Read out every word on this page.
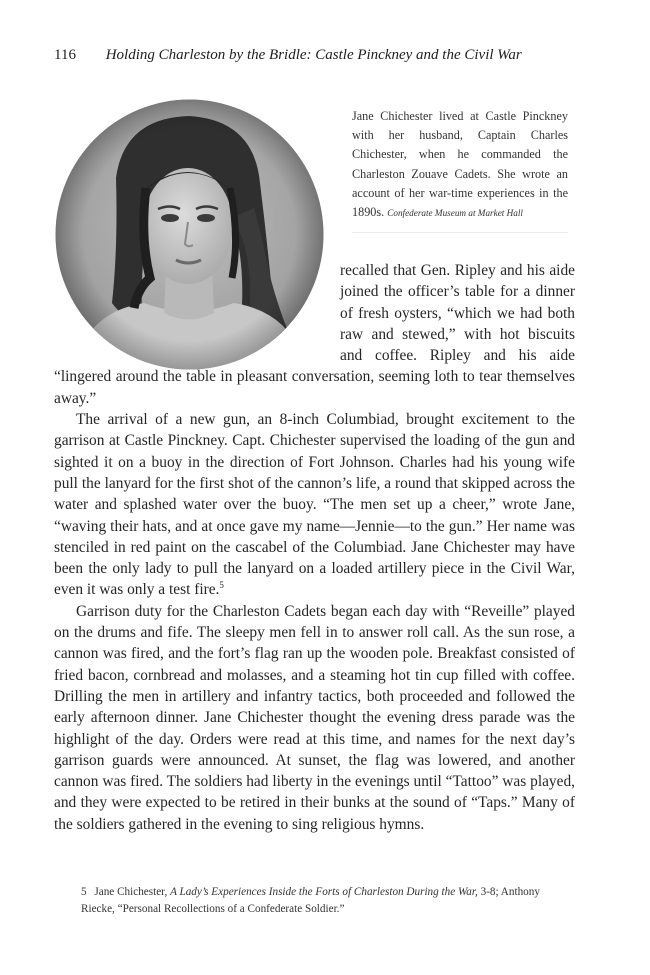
116 Holding Charleston by the Bridle: Castle Pinckney and the Civil War
Jane Chichester lived at Castle Pinckney with her husband, Captain Charles Chichester, when he commanded the Charleston Zouave Cadets. She wrote an account of her war-time experiences in the 1890s. Confederate Museum at Market Hall

recalled that Gen. Ripley and his aide joined the officer’s table for a dinner of fresh oysters, “which we had both raw and stewed,” with hot biscuits and coffee. Ripley and his aide “lingered around the table in pleasant conversation, seeming loth to tear themselves away.”

The arrival of a new gun, an 8-inch Columbiad, brought excitement to the garrison at Castle Pinckney. Capt. Chichester supervised the loading of the gun and sighted it on a buoy in the direction of Fort Johnson. Charles had his young wife pull the lanyard for the first shot of the cannon’s life, a round that skipped across the water and splashed water over the buoy. “The men set up a cheer,” wrote Jane, “waving their hats, and at once gave my name—Jennie—to the gun.” Her name was stenciled in red paint on the cascabel of the Columbiad. Jane Chichester may have been the only lady to pull the lanyard on a loaded artillery piece in the Civil War, even it was only a test fire.$^5$

Garrison duty for the Charleston Cadets began each day with “Reveille” played on the drums and fife. The sleepy men fell in to answer roll call. As the sun rose, a cannon was fired, and the fort’s flag ran up the wooden pole. Breakfast consisted of fried bacon, cornbread and molasses, and a steaming hot tin cup filled with coffee. Drilling the men in artillery and infantry tactics, both proceeded and followed the early afternoon dinner. Jane Chichester thought the evening dress parade was the highlight of the day. Orders were read at this time, and names for the next day’s garrison guards were announced. At sunset, the flag was lowered, and another cannon was fired. The soldiers had liberty in the evenings until “Tattoo” was played, and they were expected to be retired in their bunks at the sound of “Taps.” Many of the soldiers gathered in the evening to sing religious hymns.

5 Jane Chichester, A Lady’s Experiences Inside the Forts of Charleston During the War, 3-8; Anthony Riecke, “Personal Recollections of a Confederate Soldier.”
